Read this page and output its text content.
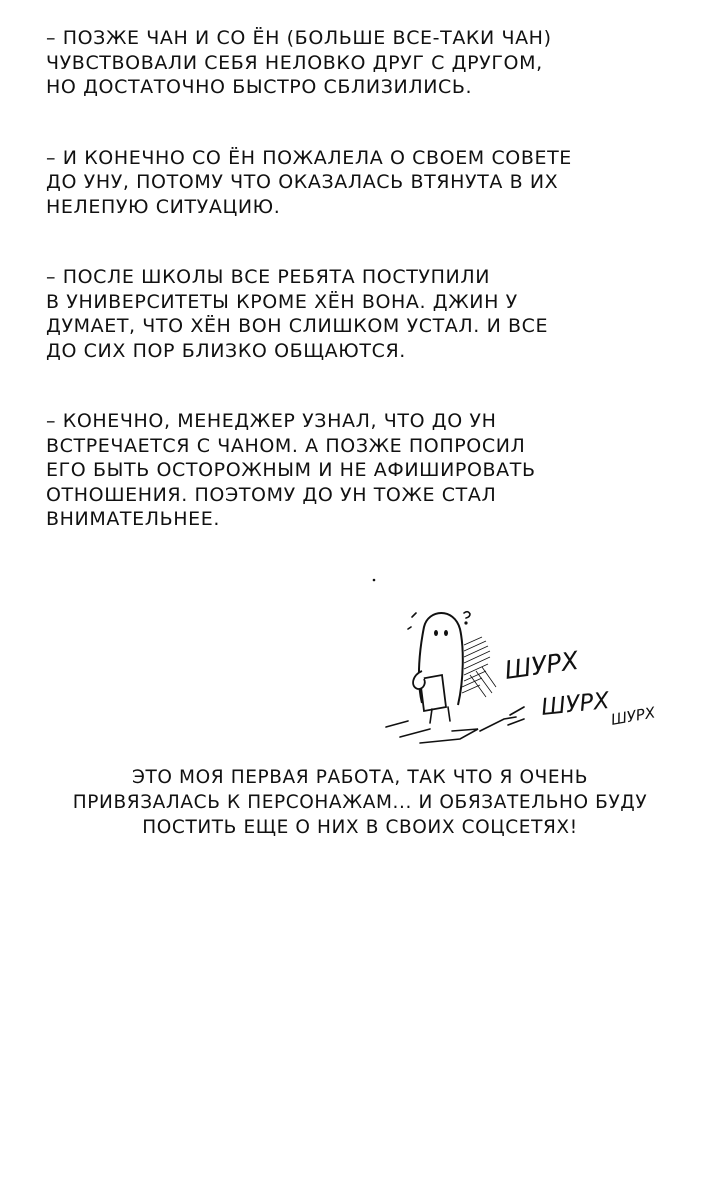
– ПОЗЖЕ ЧАН И СО ЁН (БОЛЬШЕ ВСЕ-ТАКИ ЧАН)
ЧУВСТВОВАЛИ СЕБЯ НЕЛОВКО ДРУГ С ДРУГОМ,
НО ДОСТАТОЧНО БЫСТРО СБЛИЗИЛИСЬ.
– И КОНЕЧНО СО ЁН ПОЖАЛЕЛА О СВОЕМ СОВЕТЕ
ДО УНУ, ПОТОМУ ЧТО ОКАЗАЛАСЬ ВТЯНУТА В ИХ
НЕЛЕПУЮ СИТУАЦИЮ.
– ПОСЛЕ ШКОЛЫ ВСЕ РЕБЯТА ПОСТУПИЛИ
В УНИВЕРСИТЕТЫ КРОМЕ ХЁН ВОНА. ДЖИН У
ДУМАЕТ, ЧТО ХЁН ВОН СЛИШКОМ УСТАЛ. И ВСЕ
ДО СИХ ПОР БЛИЗКО ОБЩАЮТСЯ.
– КОНЕЧНО, МЕНЕДЖЕР УЗНАЛ, ЧТО ДО УН
ВСТРЕЧАЕТСЯ С ЧАНОМ. А ПОЗЖЕ ПОПРОСИЛ
ЕГО БЫТЬ ОСТОРОЖНЫМ И НЕ АФИШИРОВАТЬ
ОТНОШЕНИЯ. ПОЭТОМУ ДО УН ТОЖЕ СТАЛ
ВНИМАТЕЛЬНЕЕ.
ШУРХ
ШУРХ ШУРХ
ЭТО МОЯ ПЕРВАЯ РАБОТА, ТАК ЧТО Я ОЧЕНЬ
ПРИВЯЗАЛАСЬ К ПЕРСОНАЖАМ... И ОБЯЗАТЕЛЬНО БУДУ
ПОСТИТЬ ЕЩЕ О НИХ В СВОИХ СОЦСЕТЯХ!
